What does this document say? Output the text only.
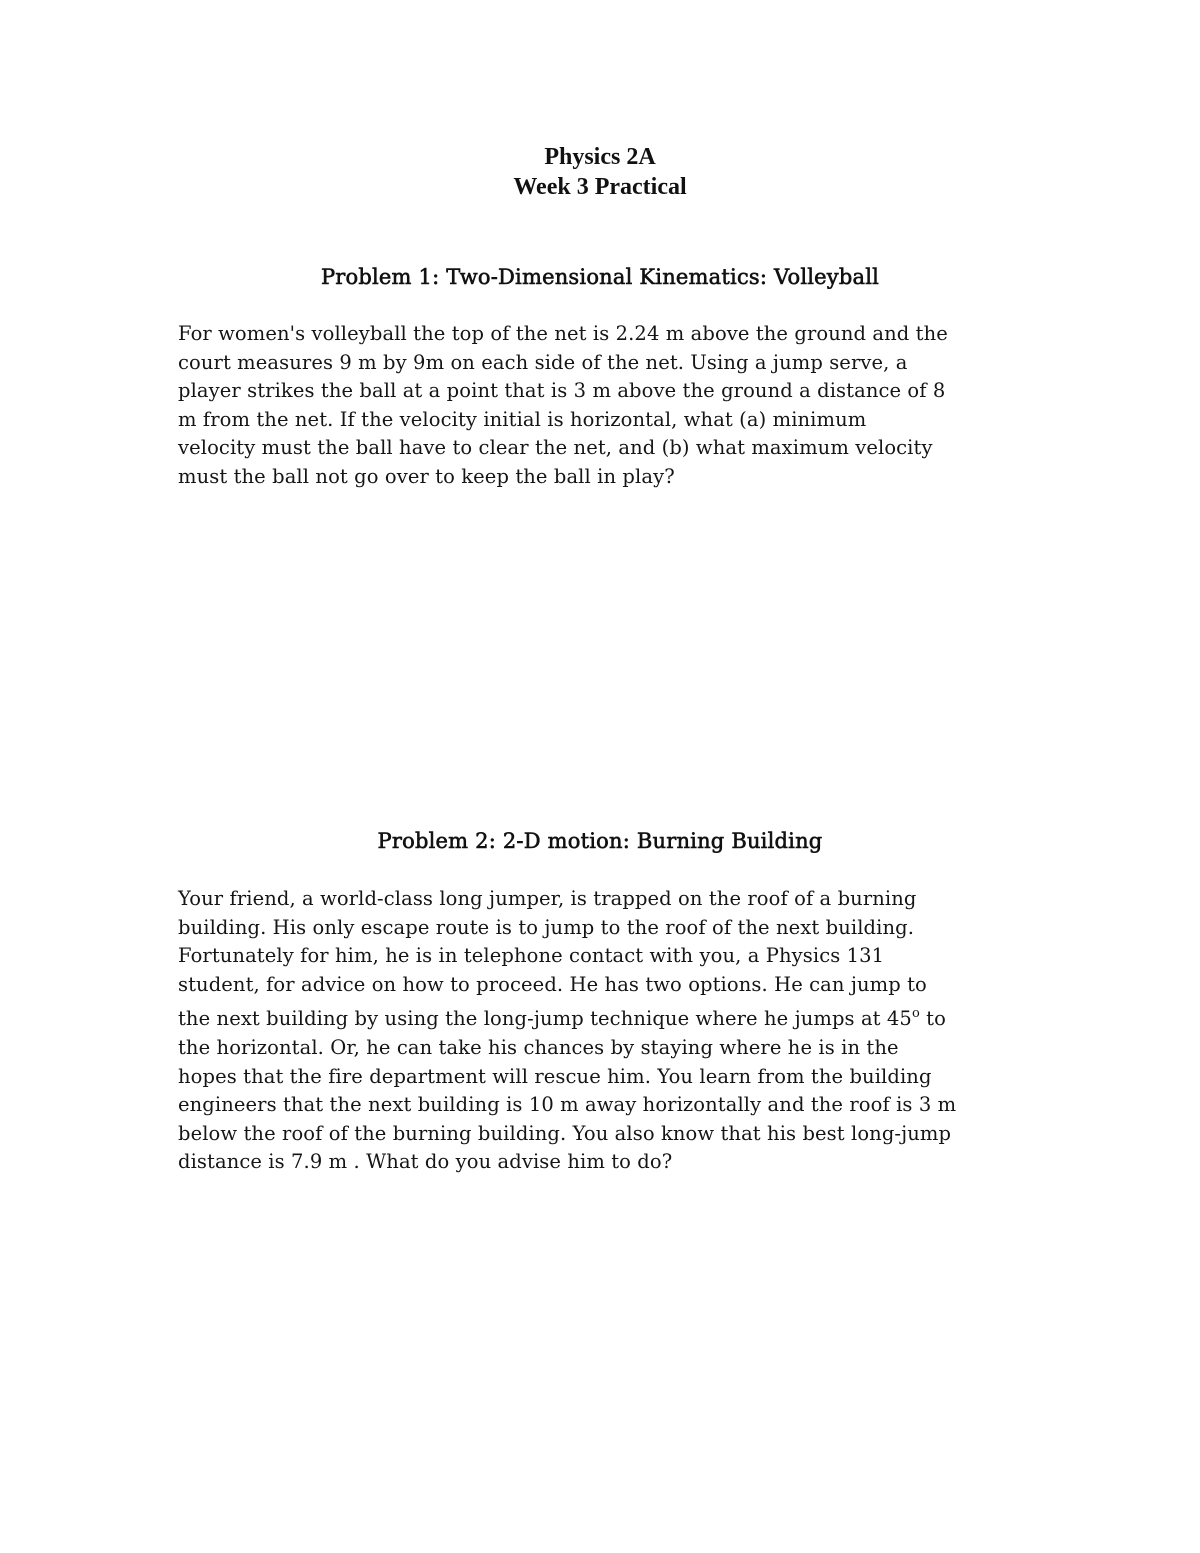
Physics 2A
Week 3 Practical
Problem 1: Two-Dimensional Kinematics: Volleyball
For women's volleyball the top of the net is 2.24 m above the ground and the
court measures 9 m by 9m on each side of the net. Using a jump serve, a
player strikes the ball at a point that is 3 m above the ground a distance of 8
m from the net. If the velocity initial is horizontal, what (a) minimum
velocity must the ball have to clear the net, and (b) what maximum velocity
must the ball not go over to keep the ball in play?
Problem 2: 2-D motion: Burning Building
Your friend, a world-class long jumper, is trapped on the roof of a burning
building. His only escape route is to jump to the roof of the next building.
Fortunately for him, he is in telephone contact with you, a Physics 131
student, for advice on how to proceed. He has two options. He can jump to
the next building by using the long-jump technique where he jumps at 45$^o$ to
the horizontal. Or, he can take his chances by staying where he is in the
hopes that the fire department will rescue him. You learn from the building
engineers that the next building is 10 m away horizontally and the roof is 3 m
below the roof of the burning building. You also know that his best long-jump
distance is 7.9 m . What do you advise him to do?
